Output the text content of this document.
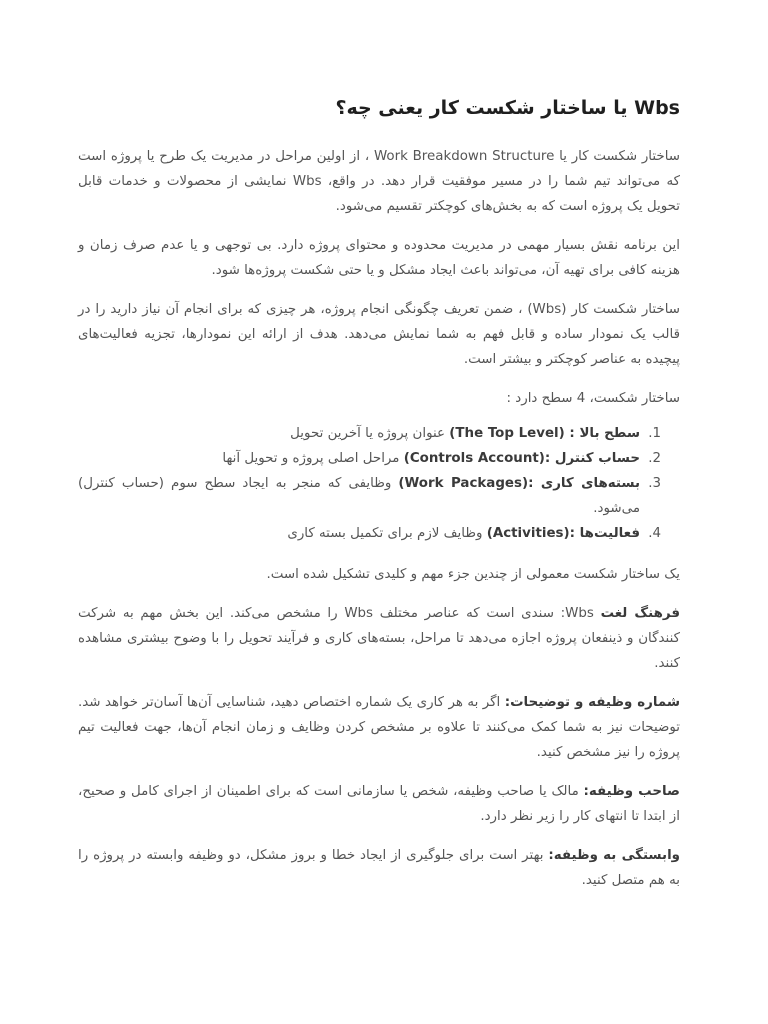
Wbs یا ساختار شکست کار یعنی چه؟

ساختار شکست کار یا Work Breakdown Structure ، از اولین مراحل در مدیریت یک طرح یا پروژه است که می‌تواند تیم شما را در مسیر موفقیت قرار دهد. در واقع، Wbs نمایشی از محصولات و خدمات قابل تحویل یک پروژه است که به بخش‌های کوچکتر تقسیم می‌شود.

این برنامه نقش بسیار مهمی در مدیریت محدوده و محتوای پروژه دارد. بی توجهی و یا عدم صرف زمان و هزینه کافی برای تهیه آن، می‌تواند باعث ایجاد مشکل و یا حتی شکست پروژه‌ها شود.

ساختار شکست کار (Wbs) ، ضمن تعریف چگونگی انجام پروژه، هر چیزی که برای انجام آن نیاز دارید را در قالب یک نمودار ساده و قابل فهم به شما نمایش می‌دهد. هدف از ارائه این نمودارها، تجزیه فعالیت‌های پیچیده به عناصر کوچکتر و بیشتر است.

ساختار شکست، 4 سطح دارد :

1. سطح بالا : (The Top Level) عنوان پروژه یا آخرین تحویل
2. حساب کنترل :(Controls Account) مراحل اصلی پروژه و تحویل آنها
3. بسته‌های کاری :(Work Packages) وظایفی که منجر به ایجاد سطح سوم (حساب کنترل) می‌شود.
4. فعالیت‌ها :(Activities) وظایف لازم برای تکمیل بسته کاری

یک ساختار شکست معمولی از چندین جزء مهم و کلیدی تشکیل شده است.

فرهنگ لغت Wbs: سندی است که عناصر مختلف Wbs را مشخص می‌کند. این بخش مهم به شرکت کنندگان و ذینفعان پروژه اجازه می‌دهد تا مراحل، بسته‌های کاری و فرآیند تحویل را با وضوح بیشتری مشاهده کنند.

شماره وظیفه و توضیحات: اگر به هر کاری یک شماره اختصاص دهید، شناسایی آن‌ها آسان‌تر خواهد شد. توضیحات نیز به شما کمک می‌کنند تا علاوه بر مشخص کردن وظایف و زمان انجام آن‌ها، جهت فعالیت تیم پروژه را نیز مشخص کنید.

صاحب وظیفه: مالک یا صاحب وظیفه، شخص یا سازمانی است که برای اطمینان از اجرای کامل و صحیح، از ابتدا تا انتهای کار را زیر نظر دارد.

وابستگی به وظیفه: بهتر است برای جلوگیری از ایجاد خطا و بروز مشکل، دو وظیفه وابسته در پروژه را به هم متصل کنید.
